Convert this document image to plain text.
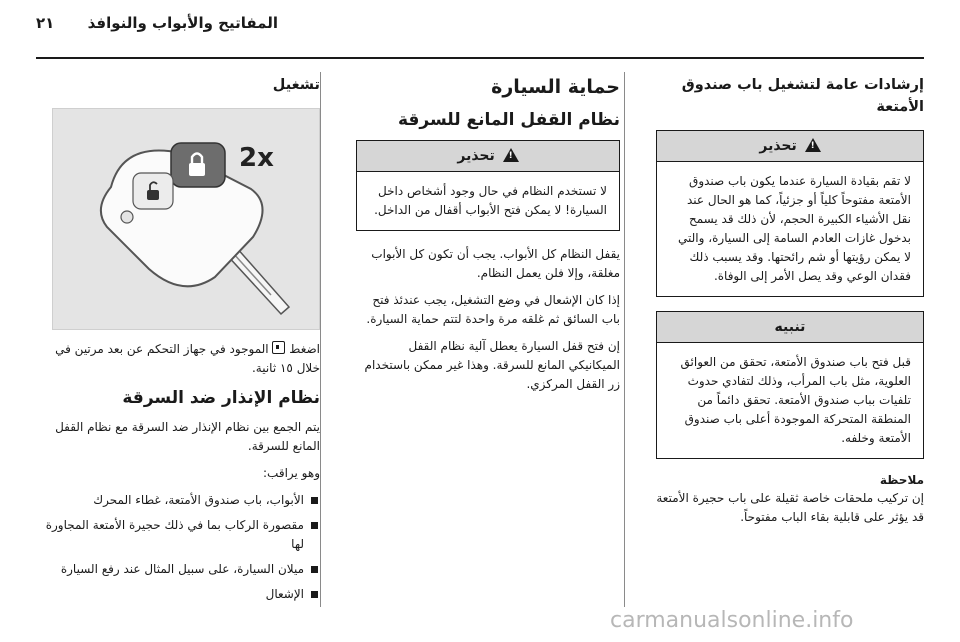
المفاتيح والأبواب والنوافذ
٢١
إرشادات عامة لتشغيل باب صندوق الأمتعة
!
تحذير
لا تقم بقيادة السيارة عندما يكون باب صندوق الأمتعة مفتوحاً كلياً أو جزئياً، كما هو الحال عند نقل الأشياء الكبيرة الحجم، لأن ذلك قد يسمح بدخول غازات العادم السامة إلى السيارة، والتي لا يمكن رؤيتها أو شم رائحتها. وقد يسبب ذلك فقدان الوعي وقد يصل الأمر إلى الوفاة.
تنبيه
قبل فتح باب صندوق الأمتعة، تحقق من العوائق العلوية، مثل باب المرأب، وذلك لتفادي حدوث تلفيات بباب صندوق الأمتعة. تحقق دائماً من المنطقة المتحركة الموجودة أعلى باب صندوق الأمتعة وخلفه.
ملاحظة

إن تركيب ملحقات خاصة ثقيلة على باب حجيرة الأمتعة قد يؤثر على قابلية بقاء الباب مفتوحاً.

حماية السيارة
نظام القفل المانع للسرقة
!
تحذير
لا تستخدم النظام في حال وجود أشخاص داخل السيارة! لا يمكن فتح الأبواب أقفال من الداخل.

يقفل النظام كل الأبواب. يجب أن تكون كل الأبواب مغلقة، وإلا فلن يعمل النظام.

إذا كان الإشعال في وضع التشغيل، يجب عندئذ فتح باب السائق ثم غلقه مرة واحدة لتتم حماية السيارة.

إن فتح قفل السيارة يعطل آلية نظام القفل الميكانيكي المانع للسرقة. وهذا غير ممكن باستخدام زر القفل المركزي.

تشغيل
2x

اضغط  الموجود في جهاز التحكم عن بعد مرتين في خلال ١٥ ثانية.

نظام الإنذار ضد السرقة

يتم الجمع بين نظام الإنذار ضد السرقة مع نظام القفل المانع للسرقة.

وهو يراقب:

الأبواب، باب صندوق الأمتعة، غطاء المحرك
مقصورة الركاب بما في ذلك حجيرة الأمتعة المجاورة لها
ميلان السيارة، على سبيل المثال عند رفع السيارة
الإشعال
carmanualsonline.info
